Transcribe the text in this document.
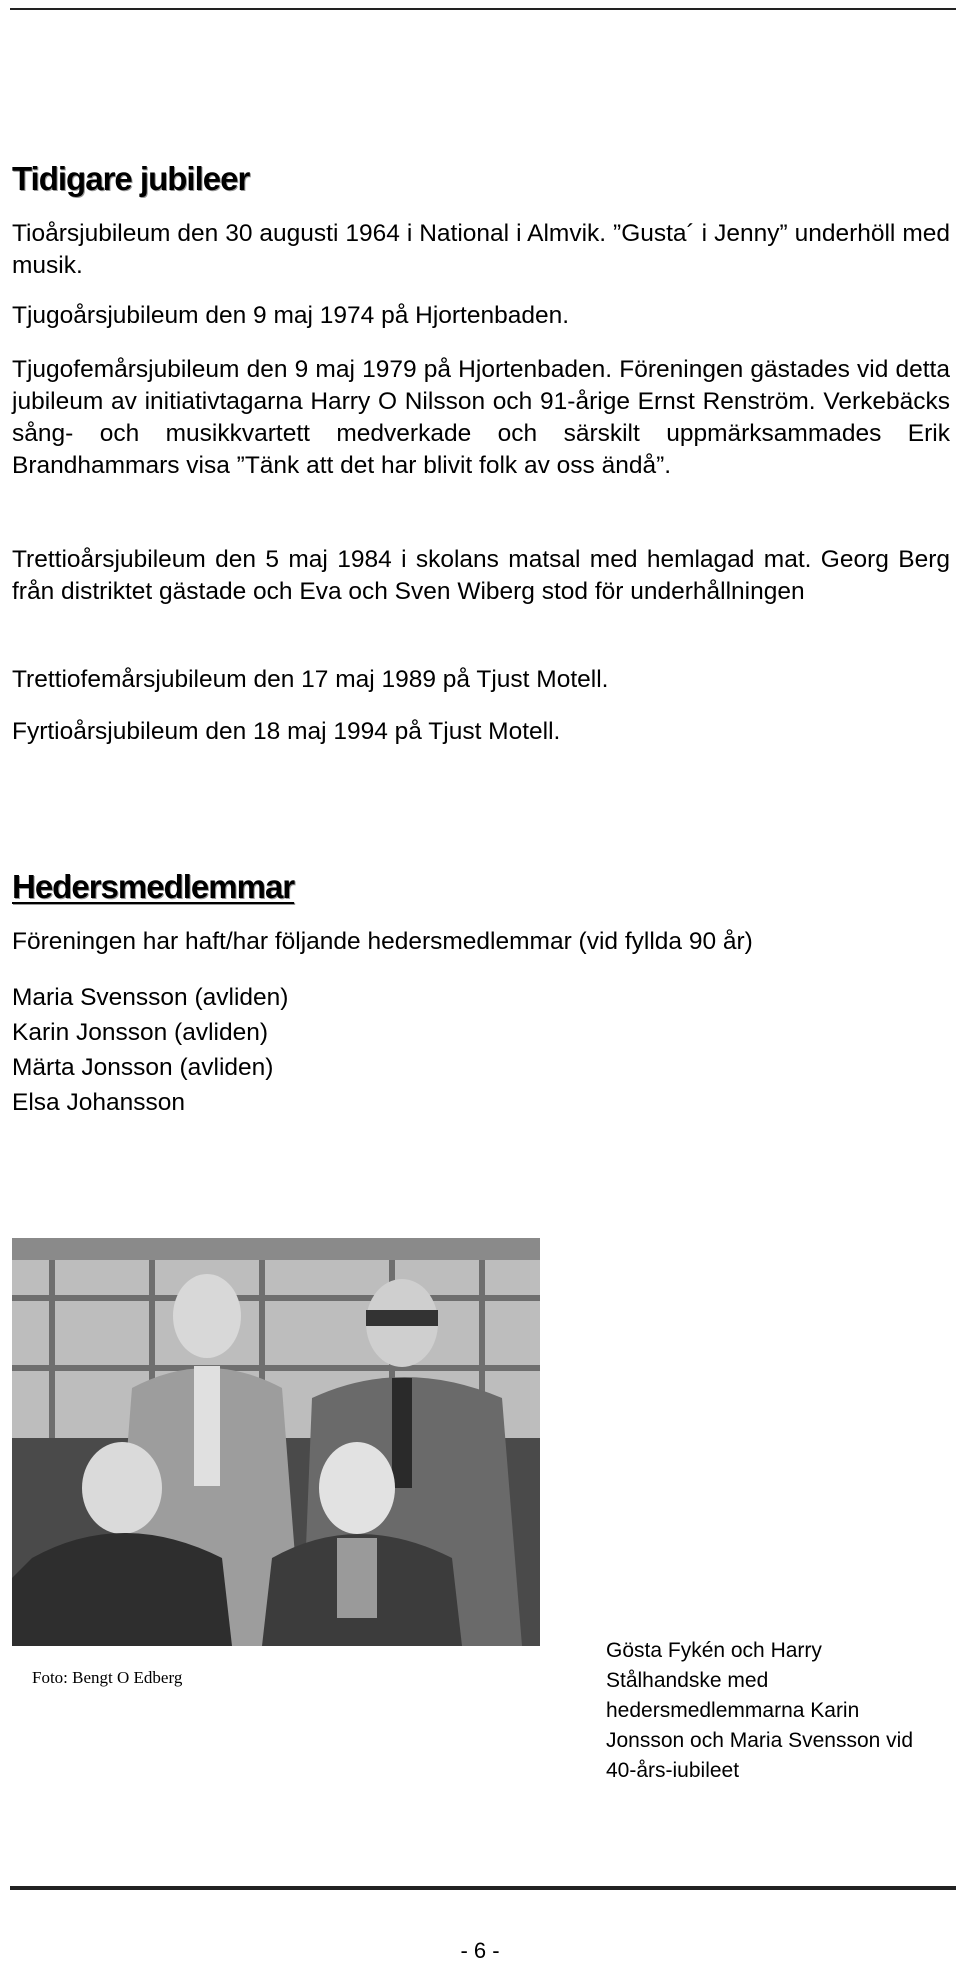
Tidigare jubileer

Tioårsjubileum den 30 augusti 1964 i National i Almvik. ”Gusta´ i Jenny” underhöll med musik.

Tjugoårsjubileum den 9 maj 1974 på Hjortenbaden.

Tjugofemårsjubileum den 9 maj 1979 på Hjortenbaden. Föreningen gästades vid detta jubileum av initiativtagarna Harry O Nilsson och 91-årige Ernst Renström. Verkebäcks sång- och musikkvartett medverkade och särskilt uppmärksammades Erik Brandhammars visa ”Tänk att det har blivit folk av oss ändå”.

Trettioårsjubileum den 5 maj 1984 i skolans matsal med hemlagad mat. Georg Berg från distriktet gästade och Eva och Sven Wiberg stod för underhållningen

Trettiofemårsjubileum den 17 maj 1989 på Tjust Motell.

Fyrtioårsjubileum den 18 maj 1994 på Tjust Motell.

Hedersmedlemmar

Föreningen har haft/har följande hedersmedlemmar (vid fyllda 90 år)

Maria Svensson (avliden)
Karin Jonsson (avliden)
Märta Jonsson (avliden)
Elsa Johansson

Gösta Fykén och Harry Stålhandske med hedersmedlemmarna Karin Jonsson och Maria Svensson vid 40-års-iubileet

Foto: Bengt O Edberg
- 6 -
